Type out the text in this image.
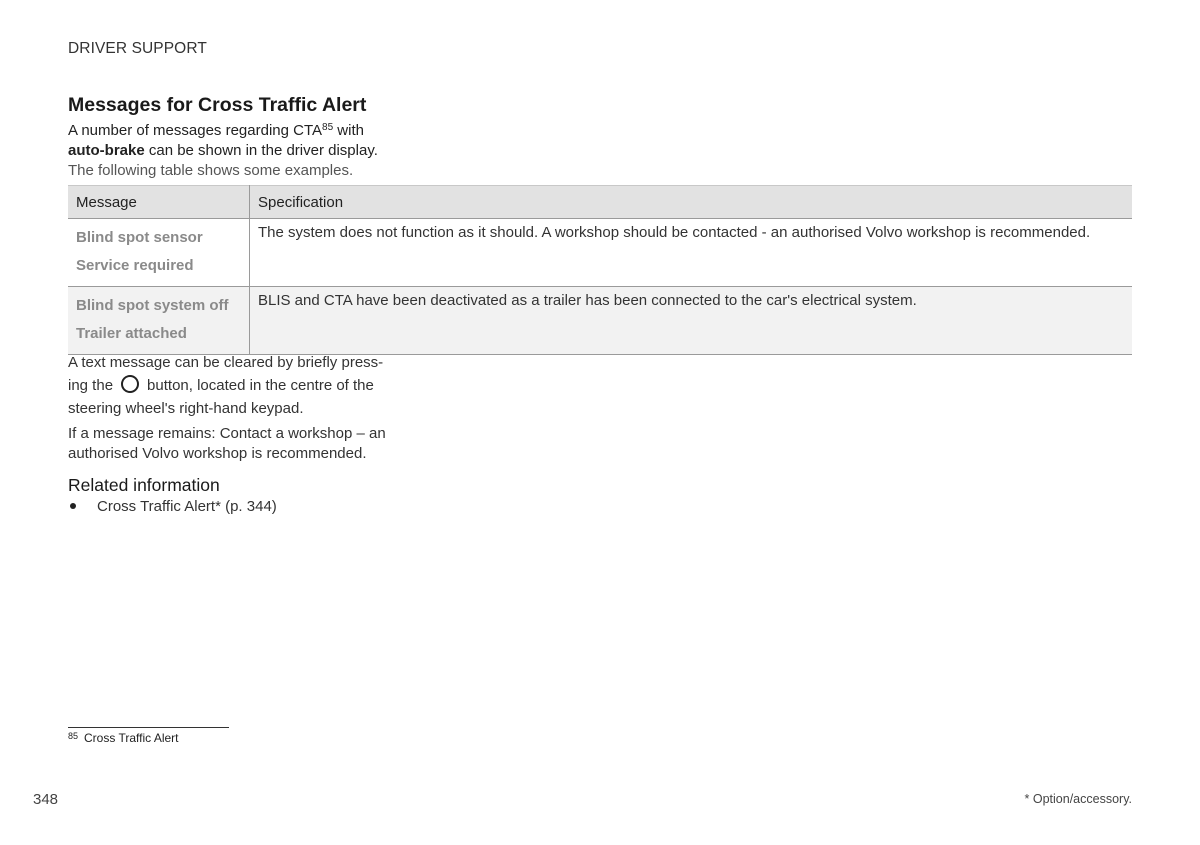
DRIVER SUPPORT
Messages for Cross Traffic Alert
A number of messages regarding CTA$^{85}$ with
auto-brake can be shown in the driver display.
The following table shows some examples.
Message	Specification

Blind spot sensor
Service required	The system does not function as it should. A workshop should be contacted - an authorised Volvo workshop is recommended.

Blind spot system off
Trailer attached	BLIS and CTA have been deactivated as a trailer has been connected to the car's electrical system.
A text message can be cleared by briefly press-
ing the button, located in the centre of the
steering wheel's right-hand keypad.
If a message remains: Contact a workshop – an
authorised Volvo workshop is recommended.
Related information
Cross Traffic Alert* (p. 344)
$^{85}$ Cross Traffic Alert
348	* Option/accessory.
